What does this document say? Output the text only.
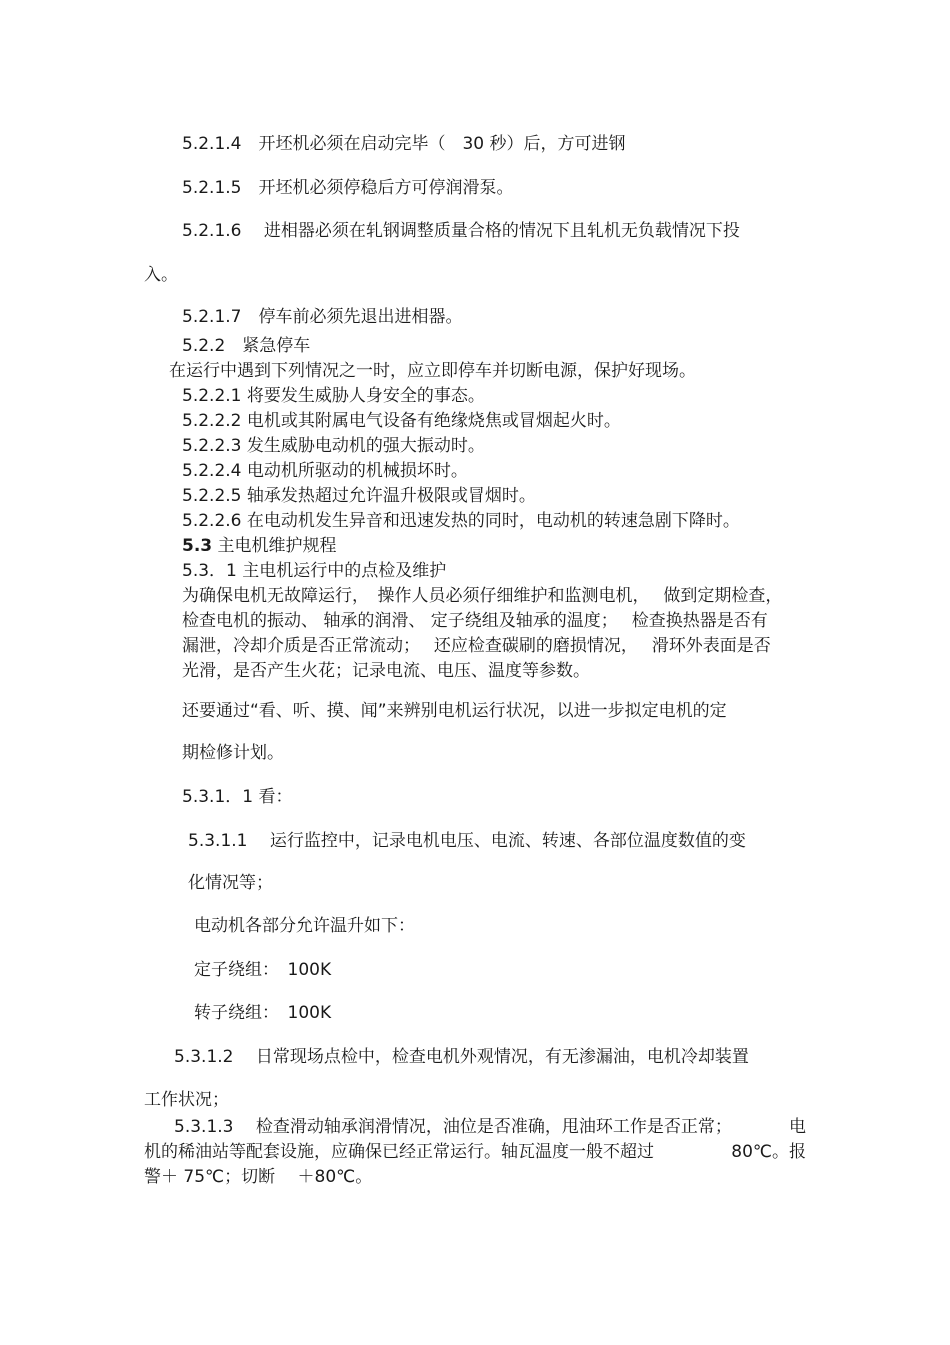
5.2.1.4　开坯机必须在启动完毕（　30 秒）后，方可进钢
5.2.1.5　开坯机必须停稳后方可停润滑泵。
5.2.1.6　 进相器必须在轧钢调整质量合格的情况下且轧机无负载情况下投
入。
5.2.1.7　停车前必须先退出进相器。
5.2.2　紧急停车
在运行中遇到下列情况之一时，应立即停车并切断电源，保护好现场。
5.2.2.1 将要发生威胁人身安全的事态。
5.2.2.2 电机或其附属电气设备有绝缘烧焦或冒烟起火时。
5.2.2.3 发生威胁电动机的强大振动时。
5.2.2.4 电动机所驱动的机械损坏时。
5.2.2.5 轴承发热超过允许温升极限或冒烟时。
5.2.2.6 在电动机发生异音和迅速发热的同时，电动机的转速急剧下降时。
5.3 主电机维护规程
5.3．1 主电机运行中的点检及维护
为确保电机无故障运行，　操作人员必须仔细维护和监测电机，　 做到定期检查，
检查电机的振动、 轴承的润滑、 定子绕组及轴承的温度；　 检查换热器是否有
漏泄，冷却介质是否正常流动；　 还应检查碳刷的磨损情况，　 滑环外表面是否
光滑，是否产生火花；记录电流、电压、温度等参数。
还要通过“看、听、摸、闻”来辨别电机运行状况，以进一步拟定电机的定
期检修计划。
5.3.1．1 看：
5.3.1.1　 运行监控中，记录电机电压、电流、转速、各部位温度数值的变
化情况等；
电动机各部分允许温升如下：
定子绕组：　100K
转子绕组：　100K
5.3.1.2　 日常现场点检中，检查电机外观情况，有无渗漏油，电机冷却装置
工作状况；
5.3.1.3　 检查滑动轴承润滑情况，油位是否准确，甩油环工作是否正常；	电
机的稀油站等配套设施，应确保已经正常运行。轴瓦温度一般不超过	80℃。报
警＋ 75℃；切断　 ＋80℃。
